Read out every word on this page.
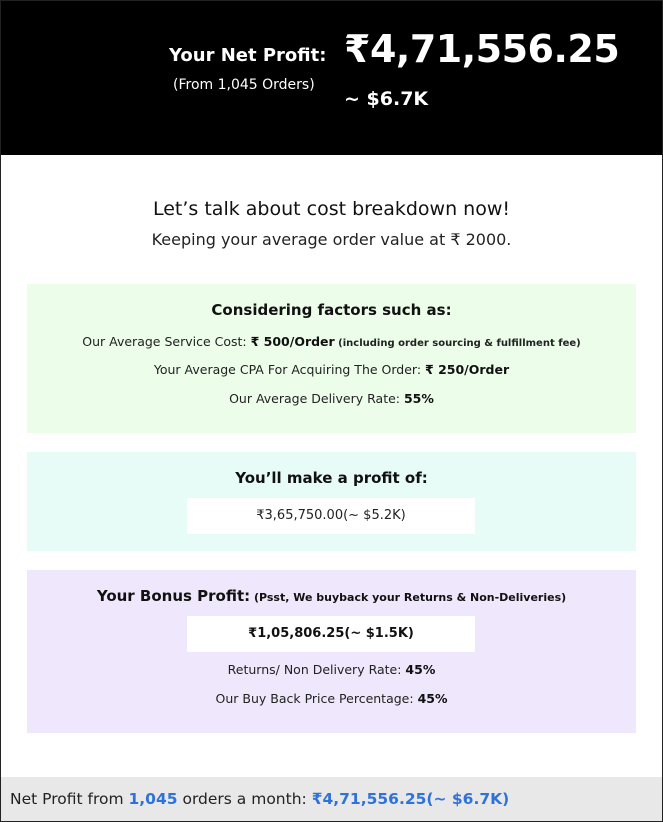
Your Net Profit:
(From 1,045 Orders)
₹4,71,556.25
~ $6.7K
Let’s talk about cost breakdown now!
Keeping your average order value at ₹ 2000.
Considering factors such as:
Our Average Service Cost: ₹ 500/Order (including order sourcing & fulfillment fee)
Your Average CPA For Acquiring The Order: ₹ 250/Order
Our Average Delivery Rate: 55%
You’ll make a profit of:
₹3,65,750.00(~ $5.2K)
Your Bonus Profit: (Psst, We buyback your Returns & Non-Deliveries)
₹1,05,806.25(~ $1.5K)
Returns/ Non Delivery Rate: 45%
Our Buy Back Price Percentage: 45%
Net Profit from 1,045 orders a month: ₹4,71,556.25(~ $6.7K)
